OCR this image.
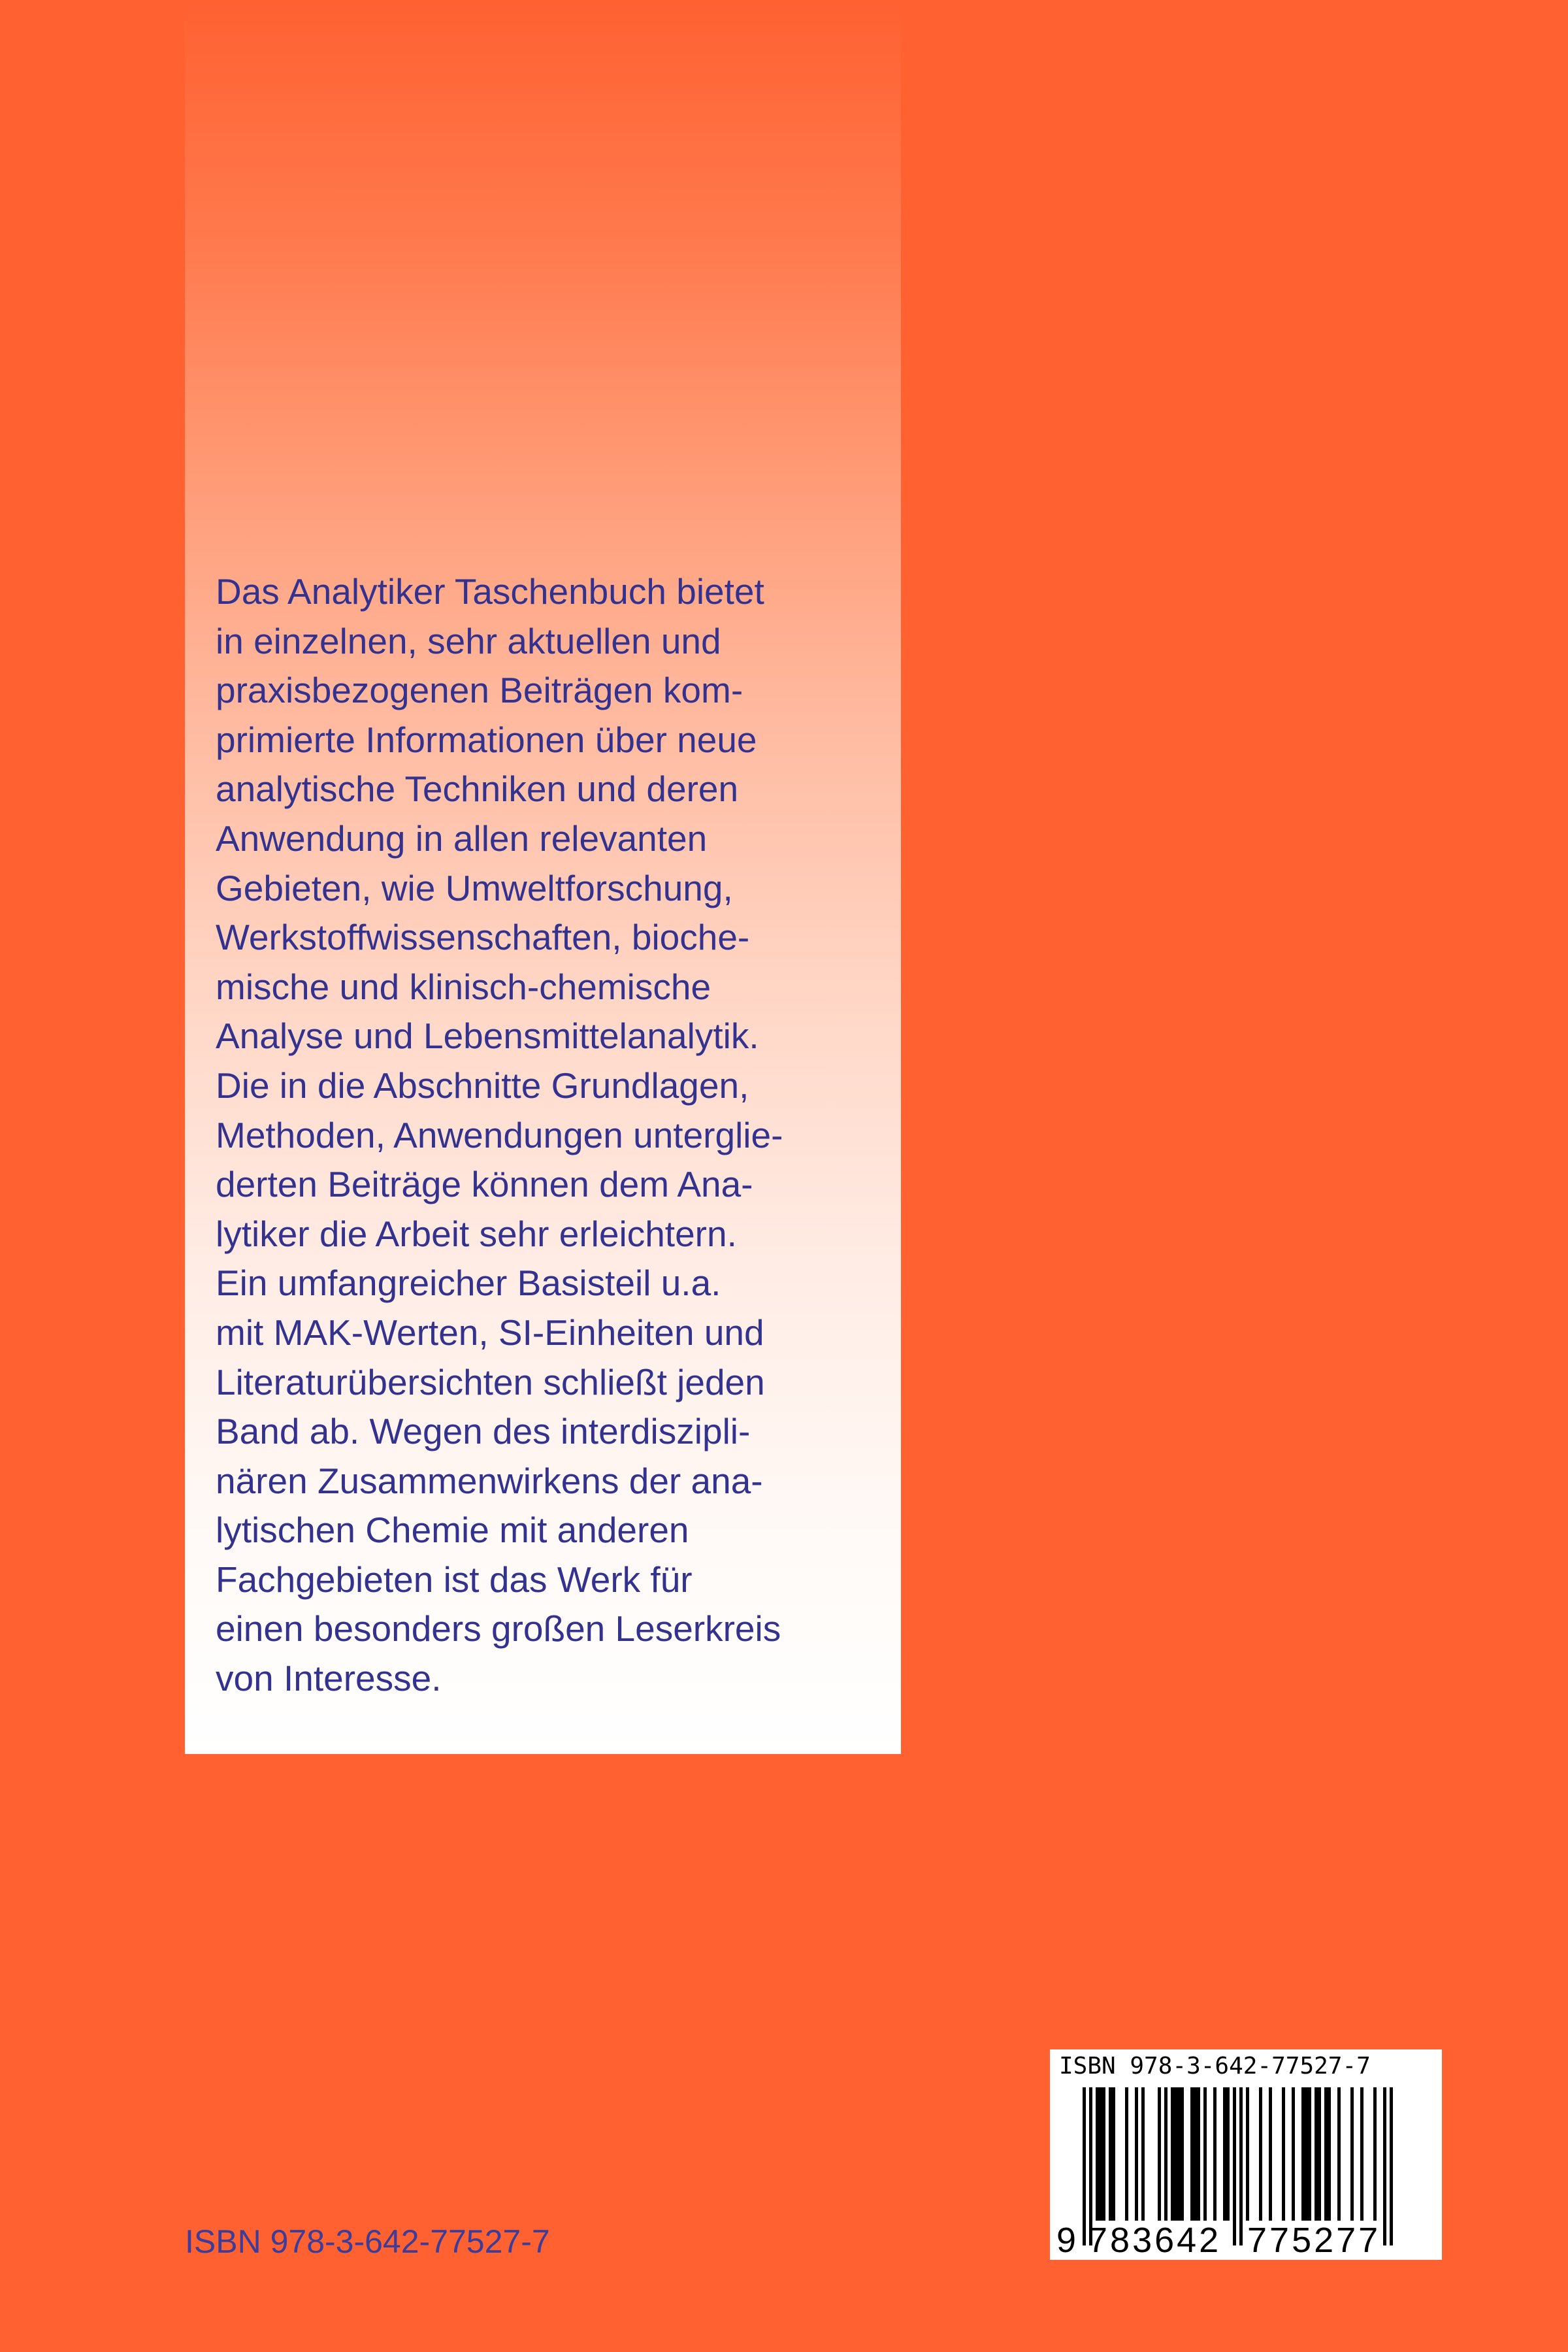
Das Analytiker Taschenbuch bietet
in einzelnen, sehr aktuellen und
praxisbezogenen Beiträgen kom-
primierte Informationen über neue
analytische Techniken und deren
Anwendung in allen relevanten
Gebieten, wie Umweltforschung,
Werkstoffwissenschaften, bioche-
mische und klinisch-chemische
Analyse und Lebensmittelanalytik.
Die in die Abschnitte Grundlagen,
Methoden, Anwendungen unterglie-
derten Beiträge können dem Ana-
lytiker die Arbeit sehr erleichtern.
Ein umfangreicher Basisteil u.a.
mit MAK-Werten, SI-Einheiten und
Literaturübersichten schließt jeden
Band ab. Wegen des interdiszipli-
nären Zusammenwirkens der ana-
lytischen Chemie mit anderen
Fachgebieten ist das Werk für
einen besonders großen Leserkreis
von Interesse.

ISBN 978-3-642-77527-7
ISBN 978-3-642-77527-7
9 783642 775277
